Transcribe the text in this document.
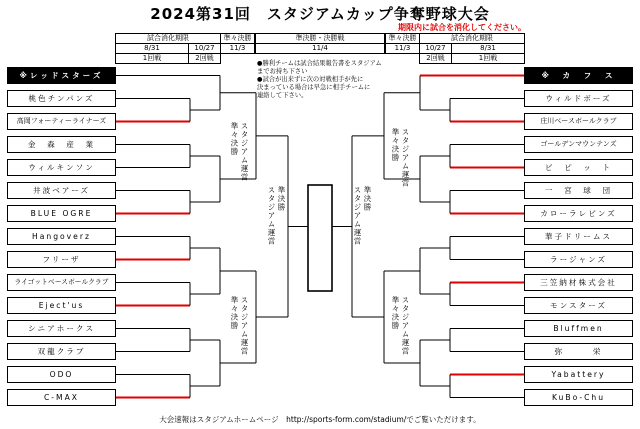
2024第31回　スタジアムカップ争奪野球大会
期限内に試合を消化してください。
試合消化期限	準々決勝
8/31	10/27	11/3
1回戦	2回戦
準決勝・決勝戦
11/4
準々決勝	試合消化期限
11/3	10/27	8/31
2回戦	1回戦
●勝利チームは試合結果報告書をスタジアム
までお持ち下さい
●試合が出来ずに次の対戦相手が先に
決まっている場合は早急に相手チームに
連絡して下さい。
※レッドスターズ
桃色チンパンズ
高岡フォーティーライナーズ
金　森　産　業
ウィルキンソン
井波ベアーズ
BLUE OGRE
Hangoverz
フリーザ
ライゴットベースボールクラブ
Eject'us
シニアホークス
双龍クラブ
ODO
C-MAX
※　カ　フ　ス
ウィルドボーズ
庄川ベースボールクラブ
ゴールデンマウンテンズ
ビ　ピ　ッ　ト
一　宮　球　団
カローラレビンズ
華子ドリームス
ラージャンズ
三笠納材株式会社
モンスターズ
Bluffmen
弥　　　栄
Yabattery
KuBo-Chu
スタジアム運営
準々決勝
スタジアム運営
準々決勝
スタジアム運営
準々決勝
スタジアム運営
準々決勝
準決勝
スタジアム運営	準決勝
スタジアム運営
大会速報はスタジアムホームページ　http://sports-form.com/stadium/でご覧いただけます。
